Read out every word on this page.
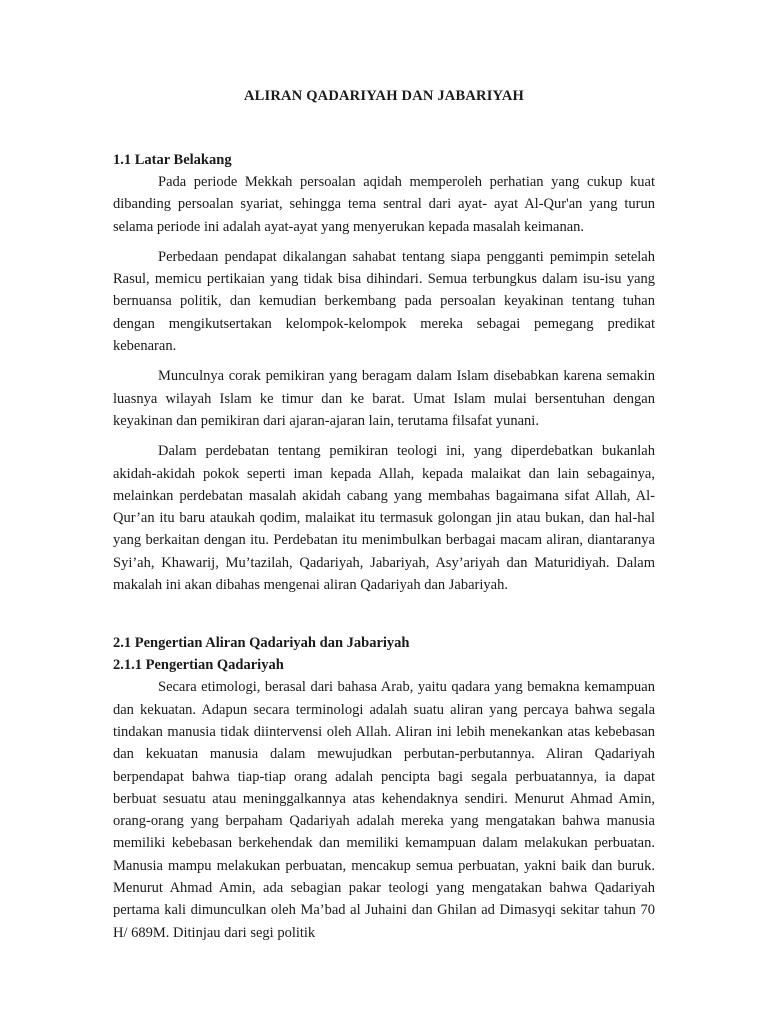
ALIRAN QADARIYAH DAN JABARIYAH
1.1 Latar Belakang

Pada periode Mekkah persoalan aqidah memperoleh perhatian yang cukup kuat dibanding persoalan syariat, sehingga tema sentral dari ayat- ayat Al-Qur'an yang turun selama periode ini adalah ayat-ayat yang menyerukan kepada masalah keimanan.

Perbedaan pendapat dikalangan sahabat tentang siapa pengganti pemimpin setelah Rasul, memicu pertikaian yang tidak bisa dihindari. Semua terbungkus dalam isu-isu yang bernuansa politik, dan kemudian berkembang pada persoalan keyakinan tentang tuhan dengan mengikutsertakan kelompok-kelompok mereka sebagai pemegang predikat kebenaran.

Munculnya corak pemikiran yang beragam dalam Islam disebabkan karena semakin luasnya wilayah Islam ke timur dan ke barat. Umat Islam mulai bersentuhan dengan keyakinan dan pemikiran dari ajaran-ajaran lain, terutama filsafat yunani.

Dalam perdebatan tentang pemikiran teologi ini, yang diperdebatkan bukanlah akidah-akidah pokok seperti iman kepada Allah, kepada malaikat dan lain sebagainya, melainkan perdebatan masalah akidah cabang yang membahas bagaimana sifat Allah, Al-Qur’an itu baru ataukah qodim, malaikat itu termasuk golongan jin atau bukan, dan hal-hal yang berkaitan dengan itu. Perdebatan itu menimbulkan berbagai macam aliran, diantaranya Syi’ah, Khawarij, Mu’tazilah, Qadariyah, Jabariyah, Asy’ariyah dan Maturidiyah. Dalam makalah ini akan dibahas mengenai aliran Qadariyah dan Jabariyah.

2.1 Pengertian Aliran Qadariyah dan Jabariyah
2.1.1 Pengertian Qadariyah

Secara etimologi, berasal dari bahasa Arab, yaitu qadara yang bemakna kemampuan dan kekuatan. Adapun secara terminologi adalah suatu aliran yang percaya bahwa segala tindakan manusia tidak diintervensi oleh Allah. Aliran ini lebih menekankan atas kebebasan dan kekuatan manusia dalam mewujudkan perbutan-perbutannya. Aliran Qadariyah berpendapat bahwa tiap-tiap orang adalah pencipta bagi segala perbuatannya, ia dapat berbuat sesuatu atau meninggalkannya atas kehendaknya sendiri. Menurut Ahmad Amin, orang-orang yang berpaham Qadariyah adalah mereka yang mengatakan bahwa manusia memiliki kebebasan berkehendak dan memiliki kemampuan dalam melakukan perbuatan. Manusia mampu melakukan perbuatan, mencakup semua perbuatan, yakni baik dan buruk. Menurut Ahmad Amin, ada sebagian pakar teologi yang mengatakan bahwa Qadariyah pertama kali dimunculkan oleh Ma’bad al Juhaini dan Ghilan ad Dimasyqi sekitar tahun 70 H/ 689M. Ditinjau dari segi politik
